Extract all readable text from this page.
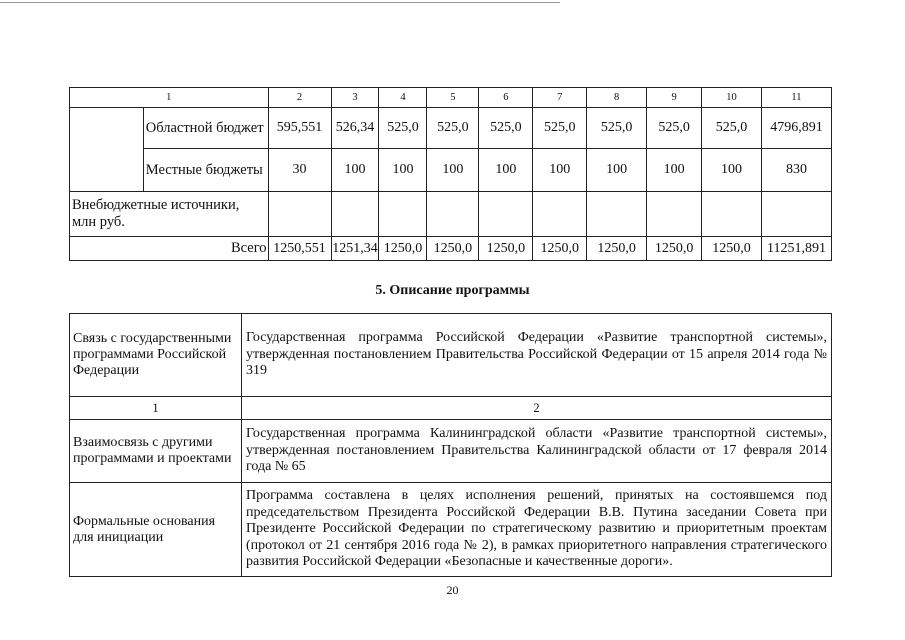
1		2	3	4	5	6	7	8	9	10	11
	Областной бюджет	595,551	526,34	525,0	525,0	525,0	525,0	525,0	525,0	525,0	4796,891
	Местные бюджеты	30	100	100	100	100	100	100	100	100	830
Внебюджетные источники, млн руб.											
Всего		1250,551	1251,34	1250,0	1250,0	1250,0	1250,0	1250,0	1250,0	1250,0	11251,891
5. Описание программы
Связь с государственными программами Российской Федерации	Государственная программа Российской Федерации «Развитие транспортной системы», утвержденная постановлением Правительства Российской Федерации от 15 апреля 2014 года № 319
1	2
Взаимосвязь с другими программами и проектами	Государственная программа Калининградской области «Развитие транспортной системы», утвержденная постановлением Правительства Калининградской области от 17 февраля 2014 года № 65
Формальные основания для инициации	Программа составлена в целях исполнения решений, принятых на состоявшемся под председательством Президента Российской Федерации В.В. Путина заседании Совета при Президенте Российской Федерации по стратегическому развитию и приоритетным проектам (протокол от 21 сентября 2016 года № 2), в рамках приоритетного направления стратегического развития Российской Федерации «Безопасные и качественные дороги».
20
